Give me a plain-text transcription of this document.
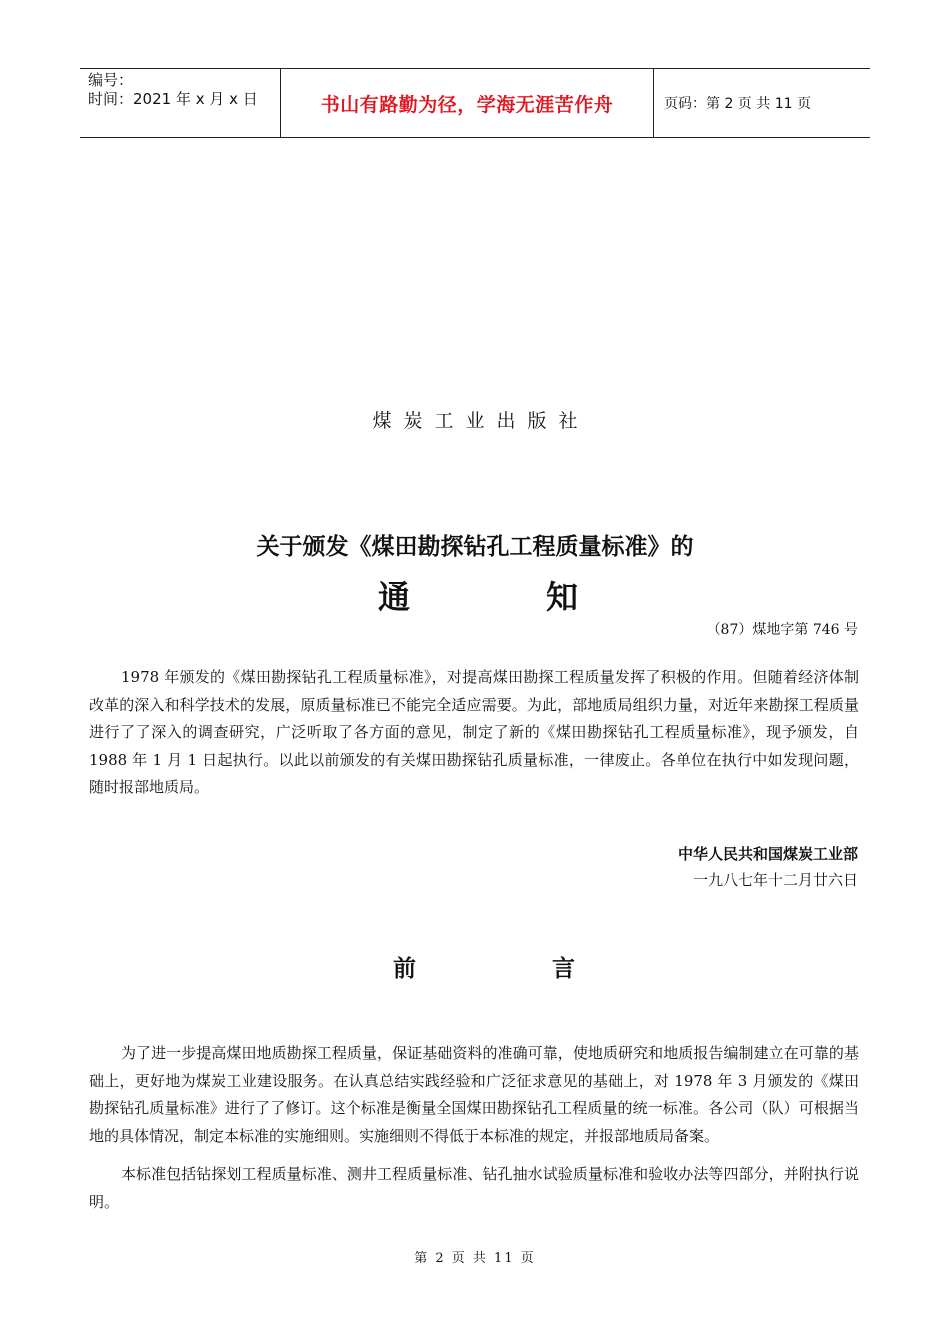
编号：
时间：2021 年 x 月 x 日	书山有路勤为径，学海无涯苦作舟	页码：第 2 页 共 11 页
煤炭工业出版社
关于颁发《煤田勘探钻孔工程质量标准》的
通	知
（87）煤地字第 746 号

1978 年颁发的《煤田勘探钻孔工程质量标准》，对提高煤田勘探工程质量发挥了积极的作用。但随着经济体制改革的深入和科学技术的发展，原质量标准已不能完全适应需要。为此，部地质局组织力量，对近年来勘探工程质量进行了了深入的调查研究，广泛听取了各方面的意见，制定了新的《煤田勘探钻孔工程质量标准》，现予颁发，自 1988 年 1 月 1 日起执行。以此以前颁发的有关煤田勘探钻孔质量标准，一律废止。各单位在执行中如发现问题，随时报部地质局。

中华人民共和国煤炭工业部
一九八七年十二月廿六日
前	言

为了进一步提高煤田地质勘探工程质量，保证基础资料的准确可靠，使地质研究和地质报告编制建立在可靠的基础上，更好地为煤炭工业建设服务。在认真总结实践经验和广泛征求意见的基础上，对 1978 年 3 月颁发的《煤田勘探钻孔质量标准》进行了了修订。这个标准是衡量全国煤田勘探钻孔工程质量的统一标准。各公司（队）可根据当地的具体情况，制定本标准的实施细则。实施细则不得低于本标准的规定，并报部地质局备案。

本标准包括钻探划工程质量标准、测井工程质量标准、钻孔抽水试验质量标准和验收办法等四部分，并附执行说明。

第 2 页 共 11 页
